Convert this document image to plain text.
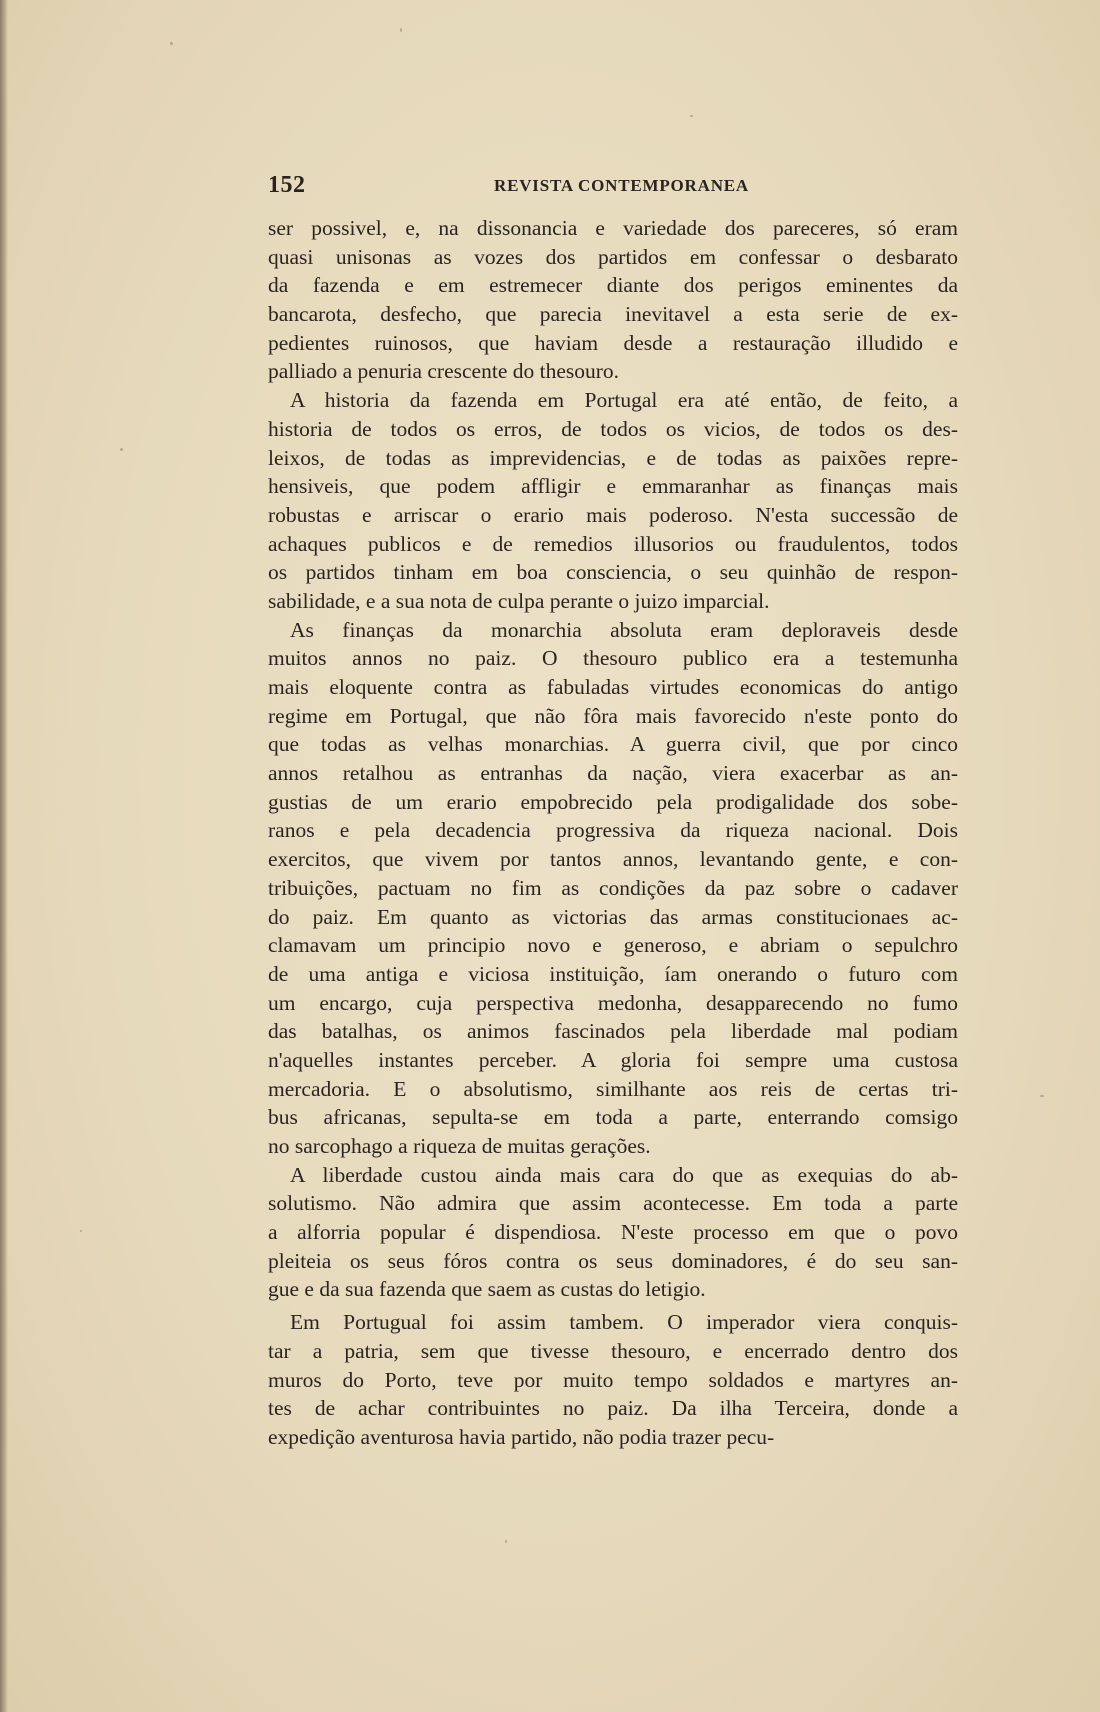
152	REVISTA CONTEMPORANEA
ser possivel, e, na dissonancia e variedade dos pareceres, só eram
quasi unisonas as vozes dos partidos em confessar o desbarato
da fazenda e em estremecer diante dos perigos eminentes da
bancarota, desfecho, que parecia inevitavel a esta serie de ex-
pedientes ruinosos, que haviam desde a restauração illudido e
palliado a penuria crescente do thesouro.
A historia da fazenda em Portugal era até então, de feito, a
historia de todos os erros, de todos os vicios, de todos os des-
leixos, de todas as imprevidencias, e de todas as paixões repre-
hensiveis, que podem affligir e emmaranhar as finanças mais
robustas e arriscar o erario mais poderoso. N'esta successão de
achaques publicos e de remedios illusorios ou fraudulentos, todos
os partidos tinham em boa consciencia, o seu quinhão de respon-
sabilidade, e a sua nota de culpa perante o juizo imparcial.
As finanças da monarchia absoluta eram deploraveis desde
muitos annos no paiz. O thesouro publico era a testemunha
mais eloquente contra as fabuladas virtudes economicas do antigo
regime em Portugal, que não fôra mais favorecido n'este ponto do
que todas as velhas monarchias. A guerra civil, que por cinco
annos retalhou as entranhas da nação, viera exacerbar as an-
gustias de um erario empobrecido pela prodigalidade dos sobe-
ranos e pela decadencia progressiva da riqueza nacional. Dois
exercitos, que vivem por tantos annos, levantando gente, e con-
tribuições, pactuam no fim as condições da paz sobre o cadaver
do paiz. Em quanto as victorias das armas constitucionaes ac-
clamavam um principio novo e generoso, e abriam o sepulchro
de uma antiga e viciosa instituição, íam onerando o futuro com
um encargo, cuja perspectiva medonha, desapparecendo no fumo
das batalhas, os animos fascinados pela liberdade mal podiam
n'aquelles instantes perceber. A gloria foi sempre uma custosa
mercadoria. E o absolutismo, similhante aos reis de certas tri-
bus africanas, sepulta-se em toda a parte, enterrando comsigo
no sarcophago a riqueza de muitas gerações.
A liberdade custou ainda mais cara do que as exequias do ab-
solutismo. Não admira que assim acontecesse. Em toda a parte
a alforria popular é dispendiosa. N'este processo em que o povo
pleiteia os seus fóros contra os seus dominadores, é do seu san-
gue e da sua fazenda que saem as custas do letigio.
Em Portugual foi assim tambem. O imperador viera conquis-
tar a patria, sem que tivesse thesouro, e encerrado dentro dos
muros do Porto, teve por muito tempo soldados e martyres an-
tes de achar contribuintes no paiz. Da ilha Terceira, donde a
expedição aventurosa havia partido, não podia trazer pecu-
